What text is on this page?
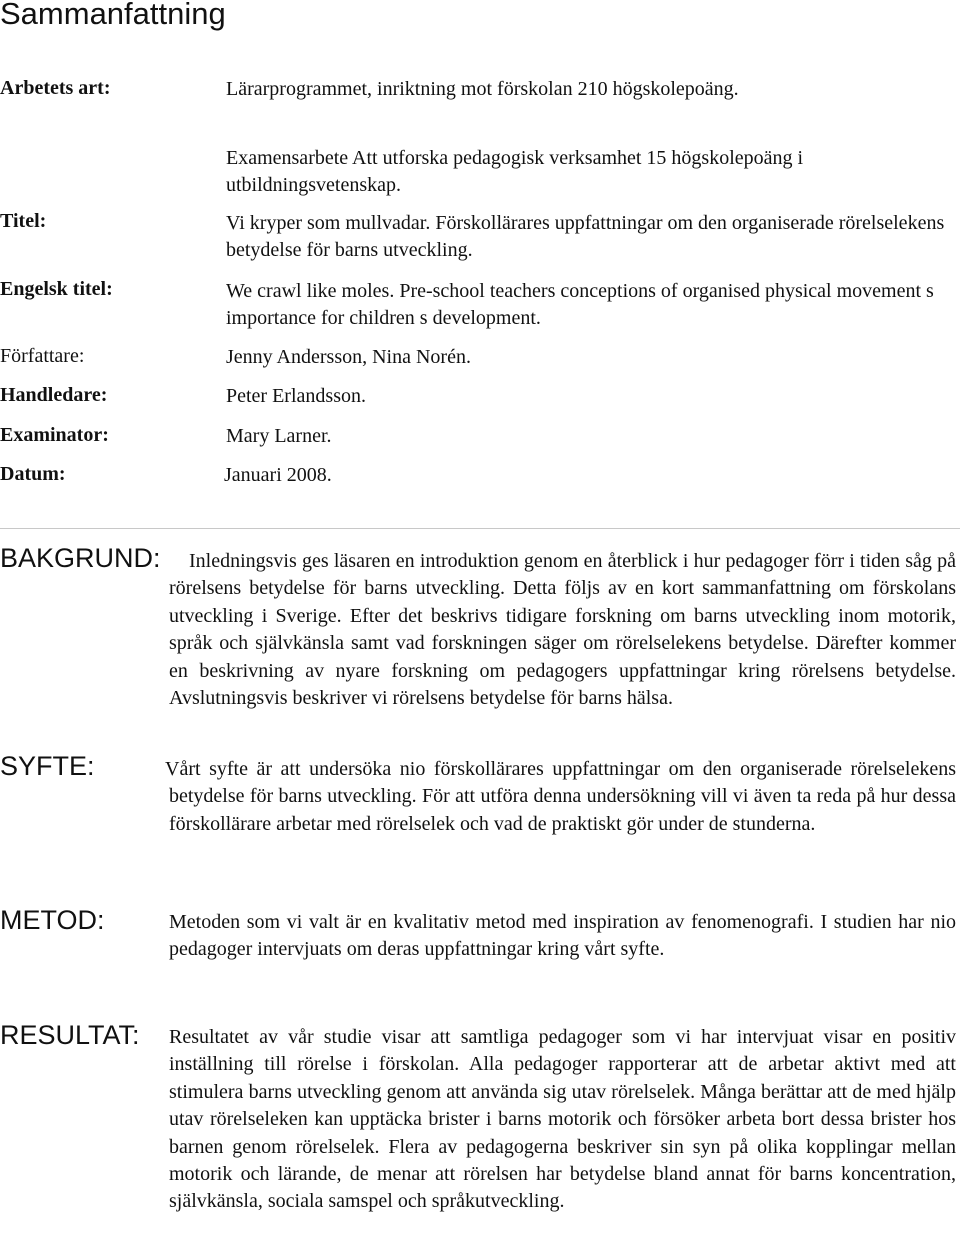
Sammanfattning
Arbetets art:	Lärarprogrammet, inriktning mot förskolan 210 högskolepoäng.
Examensarbete Att utforska pedagogisk verksamhet 15 högskolepoäng i utbildningsvetenskap.
Titel:	Vi kryper som mullvadar. Förskollärares uppfattningar om den organiserade rörelselekens betydelse för barns utveckling.
Engelsk titel:	We crawl like moles. Pre-school teachers conceptions of organised physical movement s importance for children s development.
Författare:	Jenny Andersson, Nina Norén.
Handledare:	Peter Erlandsson.
Examinator:	Mary Larner.
Datum:	Januari 2008.
BAKGRUND:	Inledningsvis ges läsaren en introduktion genom en återblick i hur pedagoger förr i tiden såg på rörelsens betydelse för barns utveckling. Detta följs av en kort sammanfattning om förskolans utveckling i Sverige. Efter det beskrivs tidigare forskning om barns utveckling inom motorik, språk och självkänsla samt vad forskningen säger om rörelselekens betydelse. Därefter kommer en beskrivning av nyare forskning om pedagogers uppfattningar kring rörelsens betydelse. Avslutningsvis beskriver vi rörelsens betydelse för barns hälsa.
SYFTE:	Vårt syfte är att undersöka nio förskollärares uppfattningar om den organiserade rörelselekens betydelse för barns utveckling. För att utföra denna undersökning vill vi även ta reda på hur dessa förskollärare arbetar med rörelselek och vad de praktiskt gör under de stunderna.
METOD:	Metoden som vi valt är en kvalitativ metod med inspiration av fenomenografi. I studien har nio pedagoger intervjuats om deras uppfattningar kring vårt syfte.
RESULTAT: Resultatet av vår studie visar att samtliga pedagoger som vi har intervjuat visar en positiv inställning till rörelse i förskolan. Alla pedagoger rapporterar att de arbetar aktivt med att stimulera barns utveckling genom att använda sig utav rörelselek. Många berättar att de med hjälp utav rörelseleken kan upptäcka brister i barns motorik och försöker arbeta bort dessa brister hos barnen genom rörelselek. Flera av pedagogerna beskriver sin syn på olika kopplingar mellan motorik och lärande, de menar att rörelsen har betydelse bland annat för barns koncentration, självkänsla, sociala samspel och språkutveckling.
